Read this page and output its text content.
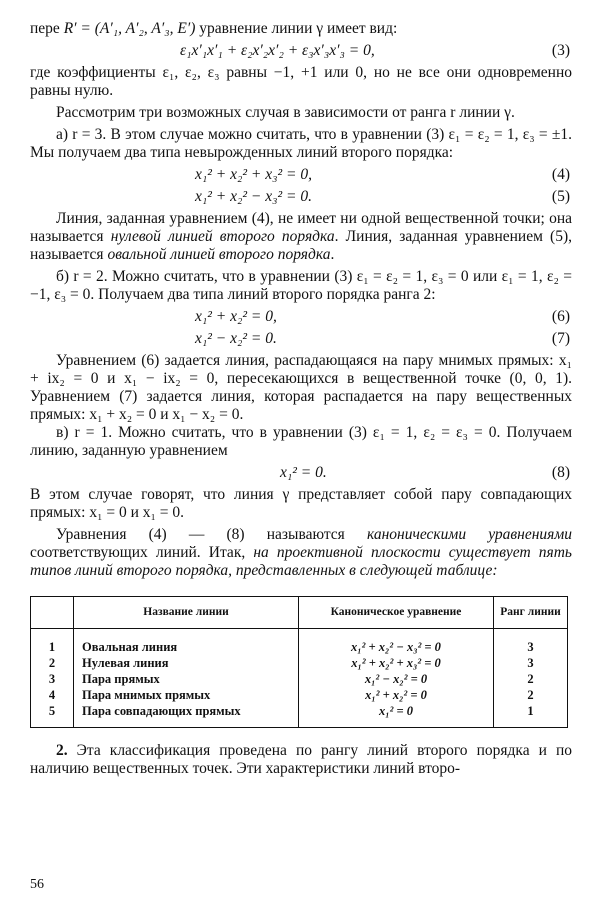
пере R′ = (A′₁, A′₂, A′₃, E′) уравнение линии γ имеет вид:

ε₁x′₁x′₁ + ε₂x′₂x′₂ + ε₃x′₃x′₃ = 0,	(3)

где коэффициенты ε₁, ε₂, ε₃ равны −1, +1 или 0, но не все они одновременно равны нулю.

Рассмотрим три возможных случая в зависимости от ранга r линии γ.

а) r = 3. В этом случае можно считать, что в уравнении (3) ε₁ = ε₂ = 1, ε₃ = ±1. Мы получаем два типа невырожденных линий второго порядка:

x₁² + x₂² + x₃² = 0,	(4)
x₁² + x₂² − x₃² = 0.	(5)

Линия, заданная уравнением (4), не имеет ни одной вещественной точки; она называется нулевой линией второго порядка. Линия, заданная уравнением (5), называется овальной линией второго порядка.

б) r = 2. Можно считать, что в уравнении (3) ε₁ = ε₂ = 1, ε₃ = 0 или ε₁ = 1, ε₂ = −1, ε₃ = 0. Получаем два типа линий второго порядка ранга 2:

x₁² + x₂² = 0,	(6)
x₁² − x₂² = 0.	(7)

Уравнением (6) задается линия, распадающаяся на пару мнимых прямых: x₁ + ix₂ = 0 и x₁ − ix₂ = 0, пересекающихся в вещественной точке (0, 0, 1). Уравнением (7) задается линия, которая распадается на пару вещественных прямых: x₁ + x₂ = 0 и x₁ − x₂ = 0.

в) r = 1. Можно считать, что в уравнении (3) ε₁ = 1, ε₂ = ε₃ = 0. Получаем линию, заданную уравнением

x₁² = 0.	(8)

В этом случае говорят, что линия γ представляет собой пару совпадающих прямых: x₁ = 0 и x₁ = 0.

Уравнения (4) — (8) называются каноническими уравнениями соответствующих линий. Итак, на проективной плоскости существует пять типов линий второго порядка, представленных в следующей таблице:

	Название линии	Каноническое уравнение	Ранг линии
1	Овальная линия	x₁² + x₂² − x₃² = 0	3
2	Нулевая линия	x₁² + x₂² + x₃² = 0	3
3	Пара прямых	x₁² − x₂² = 0	2
4	Пара мнимых прямых	x₁² + x₂² = 0	2
5	Пара совпадающих прямых	x₁² = 0	1

2. Эта классификация проведена по рангу линий второго порядка и по наличию вещественных точек. Эти характеристики линий второ-

56
